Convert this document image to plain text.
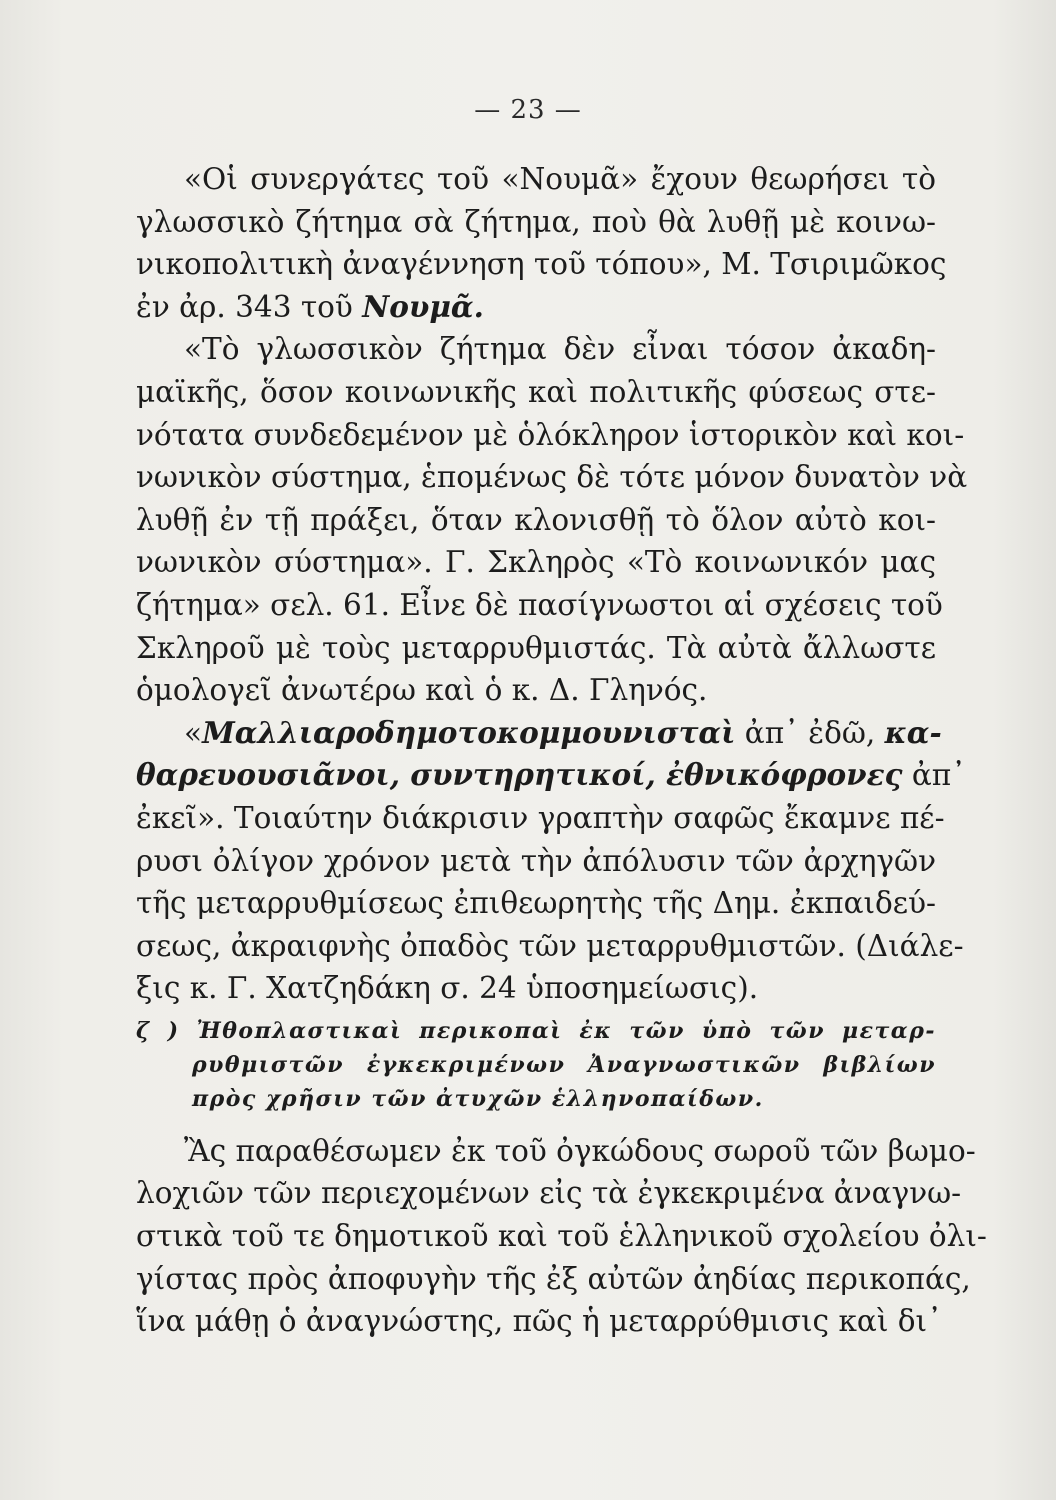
— 23 —
«Οἱ συνεργάτες τοῦ «Νουμᾶ» ἔχουν θεωρήσει τὸ
γλωσσικὸ ζήτημα σὰ ζήτημα, ποὺ θὰ λυθῇ μὲ κοινω-
νικοπολιτικὴ ἀναγέννηση τοῦ τόπου», Μ. Τσιριμῶκος
ἐν ἀρ. 343 τοῦ Νουμᾶ.
«Τὸ γλωσσικὸν ζήτημα δὲν εἶναι τόσον ἀκαδη-
μαϊκῆς, ὅσον κοινωνικῆς καὶ πολιτικῆς φύσεως στε-
νότατα συνδεδεμένον μὲ ὁλόκληρον ἱστορικὸν καὶ κοι-
νωνικὸν σύστημα, ἑπομένως δὲ τότε μόνον δυνατὸν νὰ
λυθῇ ἐν τῇ πράξει, ὅταν κλονισθῇ τὸ ὅλον αὐτὸ κοι-
νωνικὸν σύστημα». Γ. Σκληρὸς «Τὸ κοινωνικόν μας
ζήτημα» σελ. 61. Εἶνε δὲ πασίγνωστοι αἱ σχέσεις τοῦ
Σκληροῦ μὲ τοὺς μεταρρυθμιστάς. Τὰ αὐτὰ ἄλλωστε
ὁμολογεῖ ἀνωτέρω καὶ ὁ κ. Δ. Γληνός.
«Μαλλιαροδημοτοκομμουνισταὶ ἀπ᾽ ἐδῶ, κα-
θαρευουσιᾶνοι, συντηρητικοί, ἐθνικόφρονες ἀπ᾽
ἐκεῖ». Τοιαύτην διάκρισιν γραπτὴν σαφῶς ἔκαμνε πέ-
ρυσι ὀλίγον χρόνον μετὰ τὴν ἀπόλυσιν τῶν ἀρχηγῶν
τῆς μεταρρυθμίσεως ἐπιθεωρητὴς τῆς Δημ. ἐκπαιδεύ-
σεως, ἀκραιφνὴς ὀπαδὸς τῶν μεταρρυθμιστῶν. (Διάλε-
ξις κ. Γ. Χατζηδάκη σ. 24 ὑποσημείωσις).
ζ ) Ἠθοπλαστικαὶ περικοπαὶ ἐκ τῶν ὑπὸ τῶν μεταρ-
ρυθμιστῶν ἐγκεκριμένων Ἀναγνωστικῶν βιβλίων
πρὸς χρῆσιν τῶν ἀτυχῶν ἑλληνοπαίδων.
Ἂς παραθέσωμεν ἐκ τοῦ ὀγκώδους σωροῦ τῶν βωμο-
λοχιῶν τῶν περιεχομένων εἰς τὰ ἐγκεκριμένα ἀναγνω-
στικὰ τοῦ τε δημοτικοῦ καὶ τοῦ ἑλληνικοῦ σχολείου ὀλι-
γίστας πρὸς ἀποφυγὴν τῆς ἐξ αὐτῶν ἀηδίας περικοπάς,
ἵνα μάθῃ ὁ ἀναγνώστης, πῶς ἡ μεταρρύθμισις καὶ δι᾽
